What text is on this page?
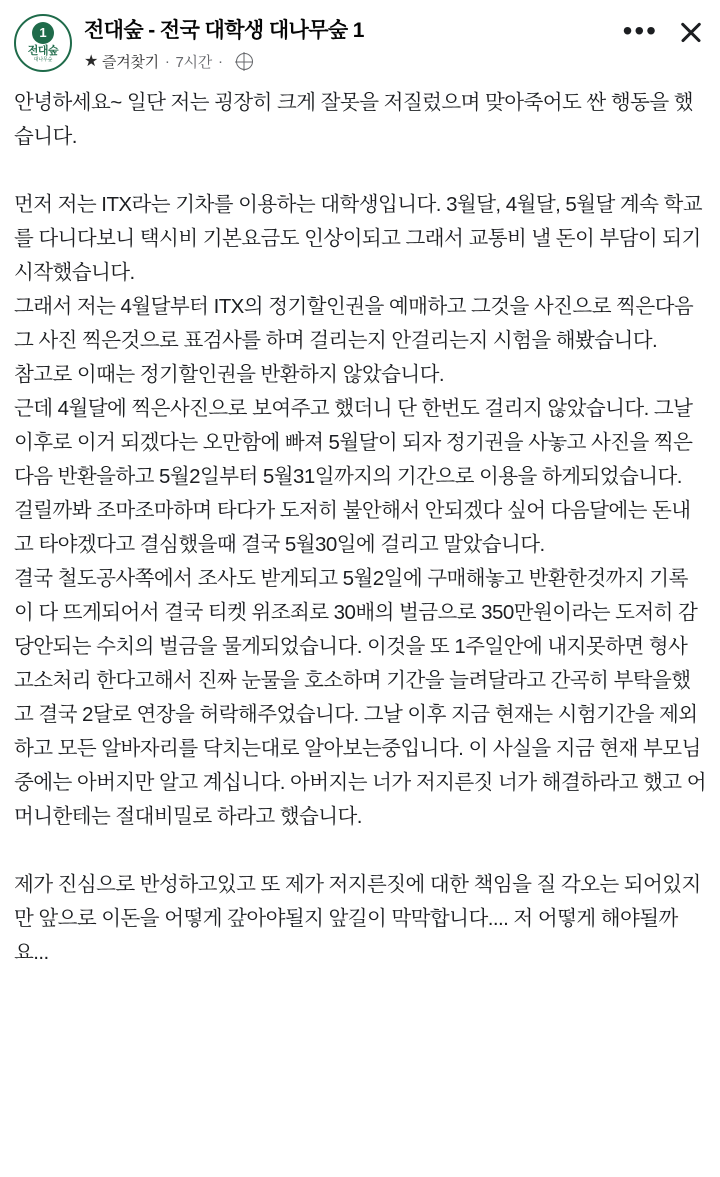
1
전대숲
대나무숲
전대숲 - 전국 대학생 대나무숲 1
★ 즐겨찾기 · 7시간 ·
•••

안녕하세요~ 일단 저는 굉장히 크게 잘못을 저질렀으며 맞아죽어도 싼 행동을 했습니다.

먼저 저는 ITX라는 기차를 이용하는 대학생입니다. 3월달, 4월달, 5월달 계속 학교를 다니다보니 택시비 기본요금도 인상이되고 그래서 교통비 낼 돈이 부담이 되기 시작했습니다.

그래서 저는 4월달부터 ITX의 정기할인권을 예매하고 그것을 사진으로 찍은다음 그 사진 찍은것으로 표검사를 하며 걸리는지 안걸리는지 시험을 해봤습니다.

참고로 이때는 정기할인권을 반환하지 않았습니다.

근데 4월달에 찍은사진으로 보여주고 했더니 단 한번도 걸리지 않았습니다. 그날 이후로 이거 되겠다는 오만함에 빠져 5월달이 되자 정기권을 사놓고 사진을 찍은다음 반환을하고 5월2일부터 5월31일까지의 기간으로 이용을 하게되었습니다.

걸릴까봐 조마조마하며 타다가 도저히 불안해서 안되겠다 싶어 다음달에는 돈내고 타야겠다고 결심했을때 결국 5월30일에 걸리고 말았습니다.

결국 철도공사쪽에서 조사도 받게되고 5월2일에 구매해놓고 반환한것까지 기록이 다 뜨게되어서 결국 티켓 위조죄로 30배의 벌금으로 350만원이라는 도저히 감당안되는 수치의 벌금을 물게되었습니다. 이것을 또 1주일안에 내지못하면 형사고소처리 한다고해서 진짜 눈물을 호소하며 기간을 늘려달라고 간곡히 부탁을했고 결국 2달로 연장을 허락해주었습니다. 그날 이후 지금 현재는 시험기간을 제외하고 모든 알바자리를 닥치는대로 알아보는중입니다. 이 사실을 지금 현재 부모님 중에는 아버지만 알고 계십니다. 아버지는 너가 저지른짓 너가 해결하라고 했고 어머니한테는 절대비밀로 하라고 했습니다.

제가 진심으로 반성하고있고 또 제가 저지른짓에 대한 책임을 질 각오는 되어있지만 앞으로 이돈을 어떻게 갚아야될지 앞길이 막막합니다.... 저 어떻게 해야될까요...
